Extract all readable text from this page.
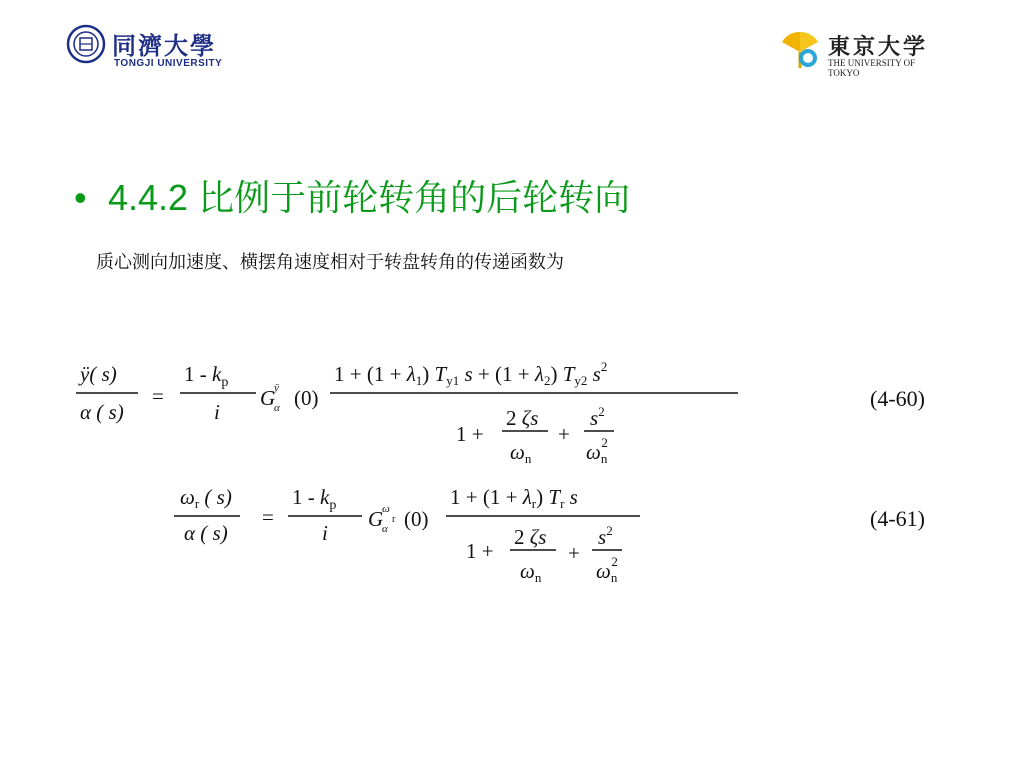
同濟大學
TONGJI UNIVERSITY
東京大学
THE UNIVERSITY OF TOKYO
• 4.4.2 比例于前轮转角的后轮转向
质心测向加速度、横摆角速度相对于转盘转角的传递函数为
ÿ( s)
α ( s)
=
$1 - k_p$
i
G
α
ÿ (0)
1 + (1 + λ1) Ty1 s + (1 + λ2) Ty2 $s^2$
1 +
2 ζs
ωn
+
$s^2$
ωn2
(4-60)
ωr ( s)
α ( s)
=
$1 - k_p$
i
G
α
ω
r (0)
1 + (1 + λr) Tr s
1 +
2 ζs
ωn
+
$s^2$
ωn2
(4-61)
